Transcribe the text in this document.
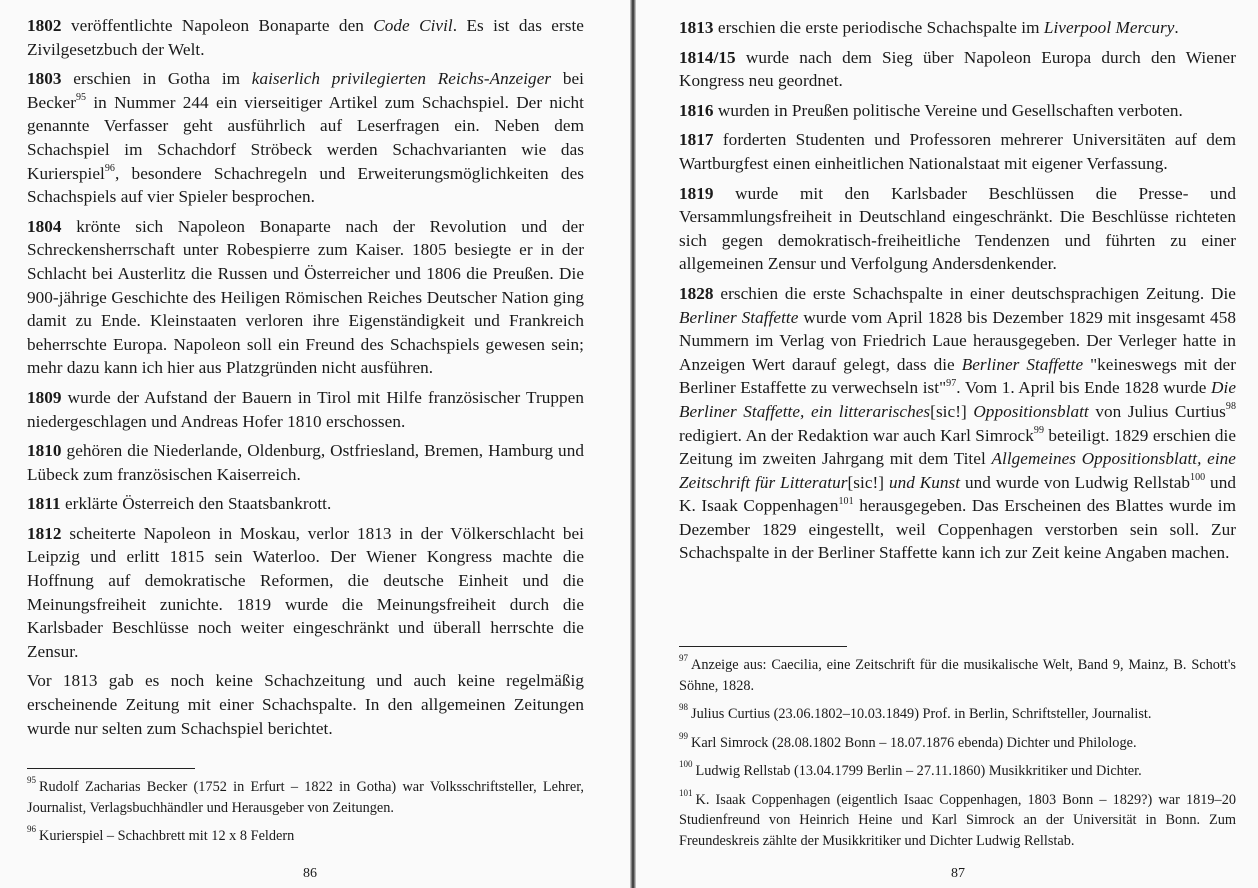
1802 veröffentlichte Napoleon Bonaparte den Code Civil. Es ist das erste Zivilgesetzbuch der Welt.

1803 erschien in Gotha im kaiserlich privilegierten Reichs-Anzeiger bei Becker$^{95}$ in Nummer 244 ein vierseitiger Artikel zum Schachspiel. Der nicht genannte Verfasser geht ausführlich auf Leserfragen ein. Neben dem Schachspiel im Schachdorf Ströbeck werden Schachvarianten wie das Kurierspiel$^{96}$, besondere Schachregeln und Erweiterungsmöglichkeiten des Schachspiels auf vier Spieler besprochen.

1804 krönte sich Napoleon Bonaparte nach der Revolution und der Schreckensherrschaft unter Robespierre zum Kaiser. 1805 besiegte er in der Schlacht bei Austerlitz die Russen und Österreicher und 1806 die Preußen. Die 900-jährige Geschichte des Heiligen Römischen Reiches Deutscher Nation ging damit zu Ende. Kleinstaaten verloren ihre Eigenständigkeit und Frankreich beherrschte Europa. Napoleon soll ein Freund des Schachspiels gewesen sein; mehr dazu kann ich hier aus Platzgründen nicht ausführen.

1809 wurde der Aufstand der Bauern in Tirol mit Hilfe französischer Truppen niedergeschlagen und Andreas Hofer 1810 erschossen.

1810 gehören die Niederlande, Oldenburg, Ostfriesland, Bremen, Hamburg und Lübeck zum französischen Kaiserreich.

1811 erklärte Österreich den Staatsbankrott.

1812 scheiterte Napoleon in Moskau, verlor 1813 in der Völkerschlacht bei Leipzig und erlitt 1815 sein Waterloo. Der Wiener Kongress machte die Hoffnung auf demokratische Reformen, die deutsche Einheit und die Meinungsfreiheit zunichte. 1819 wurde die Meinungsfreiheit durch die Karlsbader Beschlüsse noch weiter eingeschränkt und überall herrschte die Zensur.

Vor 1813 gab es noch keine Schachzeitung und auch keine regelmäßig erscheinende Zeitung mit einer Schachspalte. In den allgemeinen Zeitungen wurde nur selten zum Schachspiel berichtet.

$^{95}$ Rudolf Zacharias Becker (1752 in Erfurt – 1822 in Gotha) war Volksschriftsteller, Lehrer, Journalist, Verlagsbuchhändler und Herausgeber von Zeitungen.

$^{96}$ Kurierspiel – Schachbrett mit 12 x 8 Feldern

86

1813 erschien die erste periodische Schachspalte im Liverpool Mercury.

1814/15 wurde nach dem Sieg über Napoleon Europa durch den Wiener Kongress neu geordnet.

1816 wurden in Preußen politische Vereine und Gesellschaften verboten.

1817 forderten Studenten und Professoren mehrerer Universitäten auf dem Wartburgfest einen einheitlichen Nationalstaat mit eigener Verfassung.

1819 wurde mit den Karlsbader Beschlüssen die Presse- und Versammlungsfreiheit in Deutschland eingeschränkt. Die Beschlüsse richteten sich gegen demokratisch-freiheitliche Tendenzen und führten zu einer allgemeinen Zensur und Verfolgung Andersdenkender.

1828 erschien die erste Schachspalte in einer deutschsprachigen Zeitung. Die Berliner Staffette wurde vom April 1828 bis Dezember 1829 mit insgesamt 458 Nummern im Verlag von Friedrich Laue herausgegeben. Der Verleger hatte in Anzeigen Wert darauf gelegt, dass die Berliner Staffette "keineswegs mit der Berliner Estaffette zu verwechseln ist"$^{97}$. Vom 1. April bis Ende 1828 wurde Die Berliner Staffette, ein litterarisches[sic!] Oppositionsblatt von Julius Curtius$^{98}$ redigiert. An der Redaktion war auch Karl Simrock$^{99}$ beteiligt. 1829 erschien die Zeitung im zweiten Jahrgang mit dem Titel Allgemeines Oppositionsblatt, eine Zeitschrift für Litteratur[sic!] und Kunst und wurde von Ludwig Rellstab$^{100}$ und K. Isaak Coppenhagen$^{101}$ herausgegeben. Das Erscheinen des Blattes wurde im Dezember 1829 eingestellt, weil Coppenhagen verstorben sein soll. Zur Schachspalte in der Berliner Staffette kann ich zur Zeit keine Angaben machen.

$^{97}$ Anzeige aus: Caecilia, eine Zeitschrift für die musikalische Welt, Band 9, Mainz, B. Schott's Söhne, 1828.

$^{98}$ Julius Curtius (23.06.1802–10.03.1849) Prof. in Berlin, Schriftsteller, Journalist.

$^{99}$ Karl Simrock (28.08.1802 Bonn – 18.07.1876 ebenda) Dichter und Philologe.

$^{100}$ Ludwig Rellstab (13.04.1799 Berlin – 27.11.1860) Musikkritiker und Dichter.

$^{101}$ K. Isaak Coppenhagen (eigentlich Isaac Coppenhagen, 1803 Bonn – 1829?) war 1819–20 Studienfreund von Heinrich Heine und Karl Simrock an der Universität in Bonn. Zum Freundeskreis zählte der Musikkritiker und Dichter Ludwig Rellstab.

87
